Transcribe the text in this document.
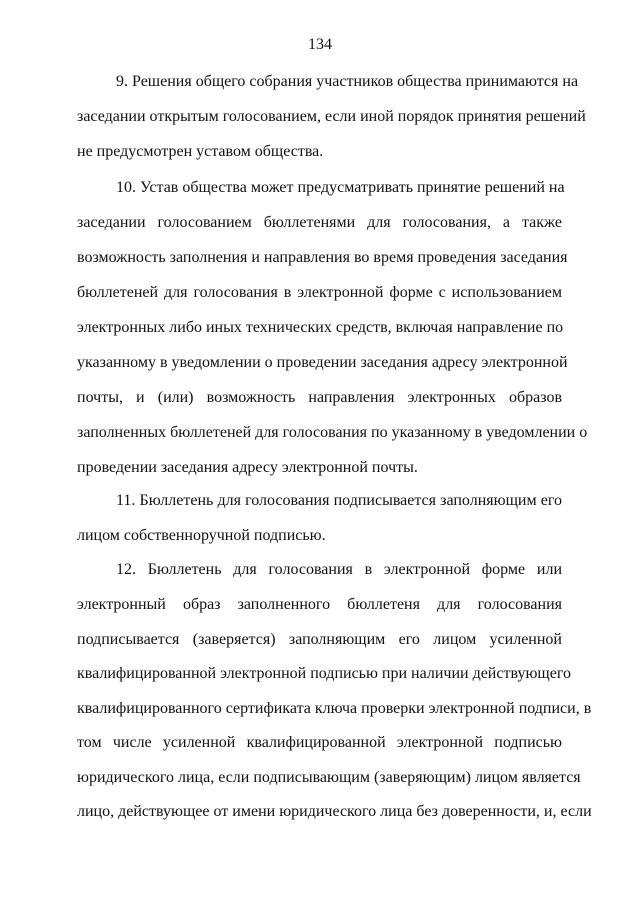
134
9. Решения общего собрания участников общества принимаются на
заседании открытым голосованием, если иной порядок принятия решений
не предусмотрен уставом общества.
10. Устав общества может предусматривать принятие решений на
заседании голосованием бюллетенями для голосования, а также
возможность заполнения и направления во время проведения заседания
бюллетеней для голосования в электронной форме с использованием
электронных либо иных технических средств, включая направление по
указанному в уведомлении о проведении заседания адресу электронной
почты, и (или) возможность направления электронных образов
заполненных бюллетеней для голосования по указанному в уведомлении о
проведении заседания адресу электронной почты.
11. Бюллетень для голосования подписывается заполняющим его
лицом собственноручной подписью.
12. Бюллетень для голосования в электронной форме или
электронный образ заполненного бюллетеня для голосования
подписывается (заверяется) заполняющим его лицом усиленной
квалифицированной электронной подписью при наличии действующего
квалифицированного сертификата ключа проверки электронной подписи, в
том числе усиленной квалифицированной электронной подписью
юридического лица, если подписывающим (заверяющим) лицом является
лицо, действующее от имени юридического лица без доверенности, и, если
